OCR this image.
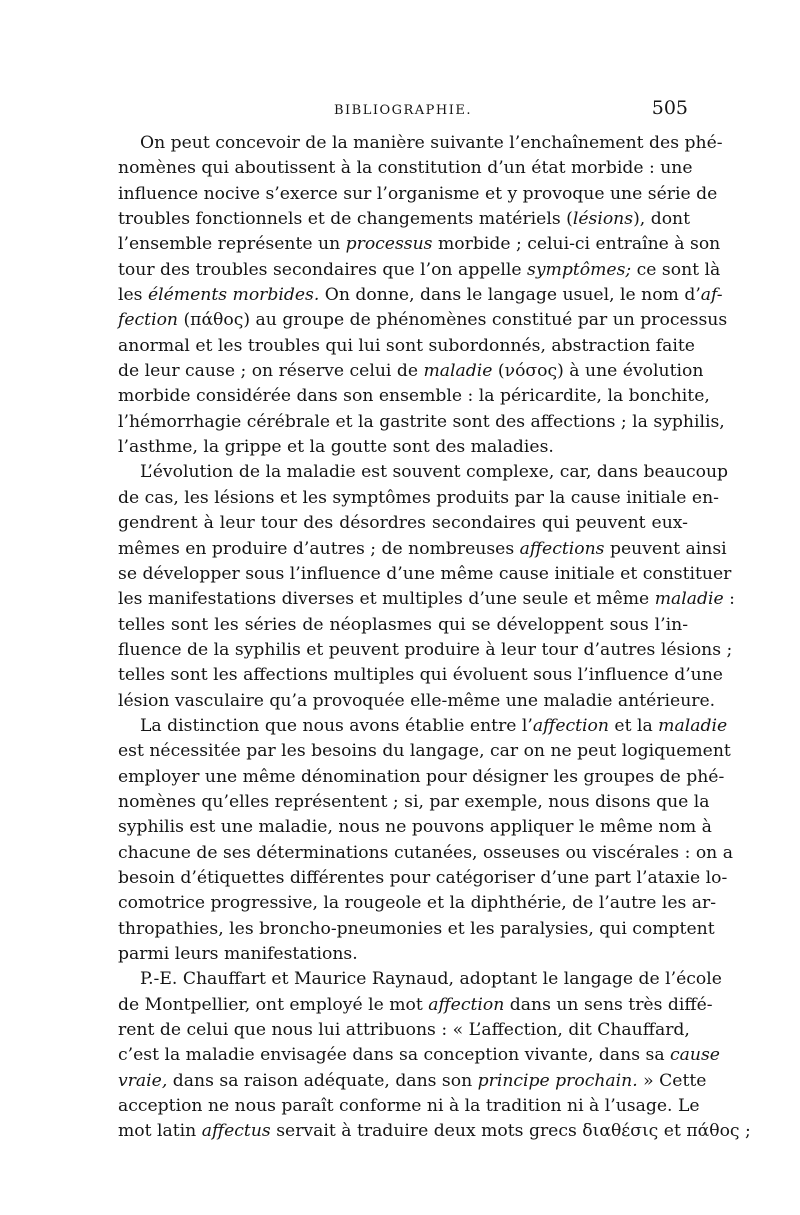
BIBLIOGRAPHIE.	505
On peut concevoir de la manière suivante l’enchaînement des phé-
nomènes qui aboutissent à la constitution d’un état morbide : une
influence nocive s’exerce sur l’organisme et y provoque une série de
troubles fonctionnels et de changements matériels (lésions), dont
l’ensemble représente un processus morbide ; celui-ci entraîne à son
tour des troubles secondaires que l’on appelle symptômes; ce sont là
les éléments morbides. On donne, dans le langage usuel, le nom d’af-
fection (πάθος) au groupe de phénomènes constitué par un processus
anormal et les troubles qui lui sont subordonnés, abstraction faite
de leur cause ; on réserve celui de maladie (νόσος) à une évolution
morbide considérée dans son ensemble : la péricardite, la bonchite,
l’hémorrhagie cérébrale et la gastrite sont des affections ; la syphilis,
l’asthme, la grippe et la goutte sont des maladies.
L’évolution de la maladie est souvent complexe, car, dans beaucoup
de cas, les lésions et les symptômes produits par la cause initiale en-
gendrent à leur tour des désordres secondaires qui peuvent eux-
mêmes en produire d’autres ; de nombreuses affections peuvent ainsi
se développer sous l’influence d’une même cause initiale et constituer
les manifestations diverses et multiples d’une seule et même maladie :
telles sont les séries de néoplasmes qui se développent sous l’in-
fluence de la syphilis et peuvent produire à leur tour d’autres lésions ;
telles sont les affections multiples qui évoluent sous l’influence d’une
lésion vasculaire qu’a provoquée elle-même une maladie antérieure.
La distinction que nous avons établie entre l’affection et la maladie
est nécessitée par les besoins du langage, car on ne peut logiquement
employer une même dénomination pour désigner les groupes de phé-
nomènes qu’elles représentent ; si, par exemple, nous disons que la
syphilis est une maladie, nous ne pouvons appliquer le même nom à
chacune de ses déterminations cutanées, osseuses ou viscérales : on a
besoin d’étiquettes différentes pour catégoriser d’une part l’ataxie lo-
comotrice progressive, la rougeole et la diphthérie, de l’autre les ar-
thropathies, les broncho-pneumonies et les paralysies, qui comptent
parmi leurs manifestations.
P.-E. Chauffart et Maurice Raynaud, adoptant le langage de l’école
de Montpellier, ont employé le mot affection dans un sens très diffé-
rent de celui que nous lui attribuons : « L’affection, dit Chauffard,
c’est la maladie envisagée dans sa conception vivante, dans sa cause
vraie, dans sa raison adéquate, dans son principe prochain. » Cette
acception ne nous paraît conforme ni à la tradition ni à l’usage. Le
mot latin affectus servait à traduire deux mots grecs διαθέσις et πάθος ;
